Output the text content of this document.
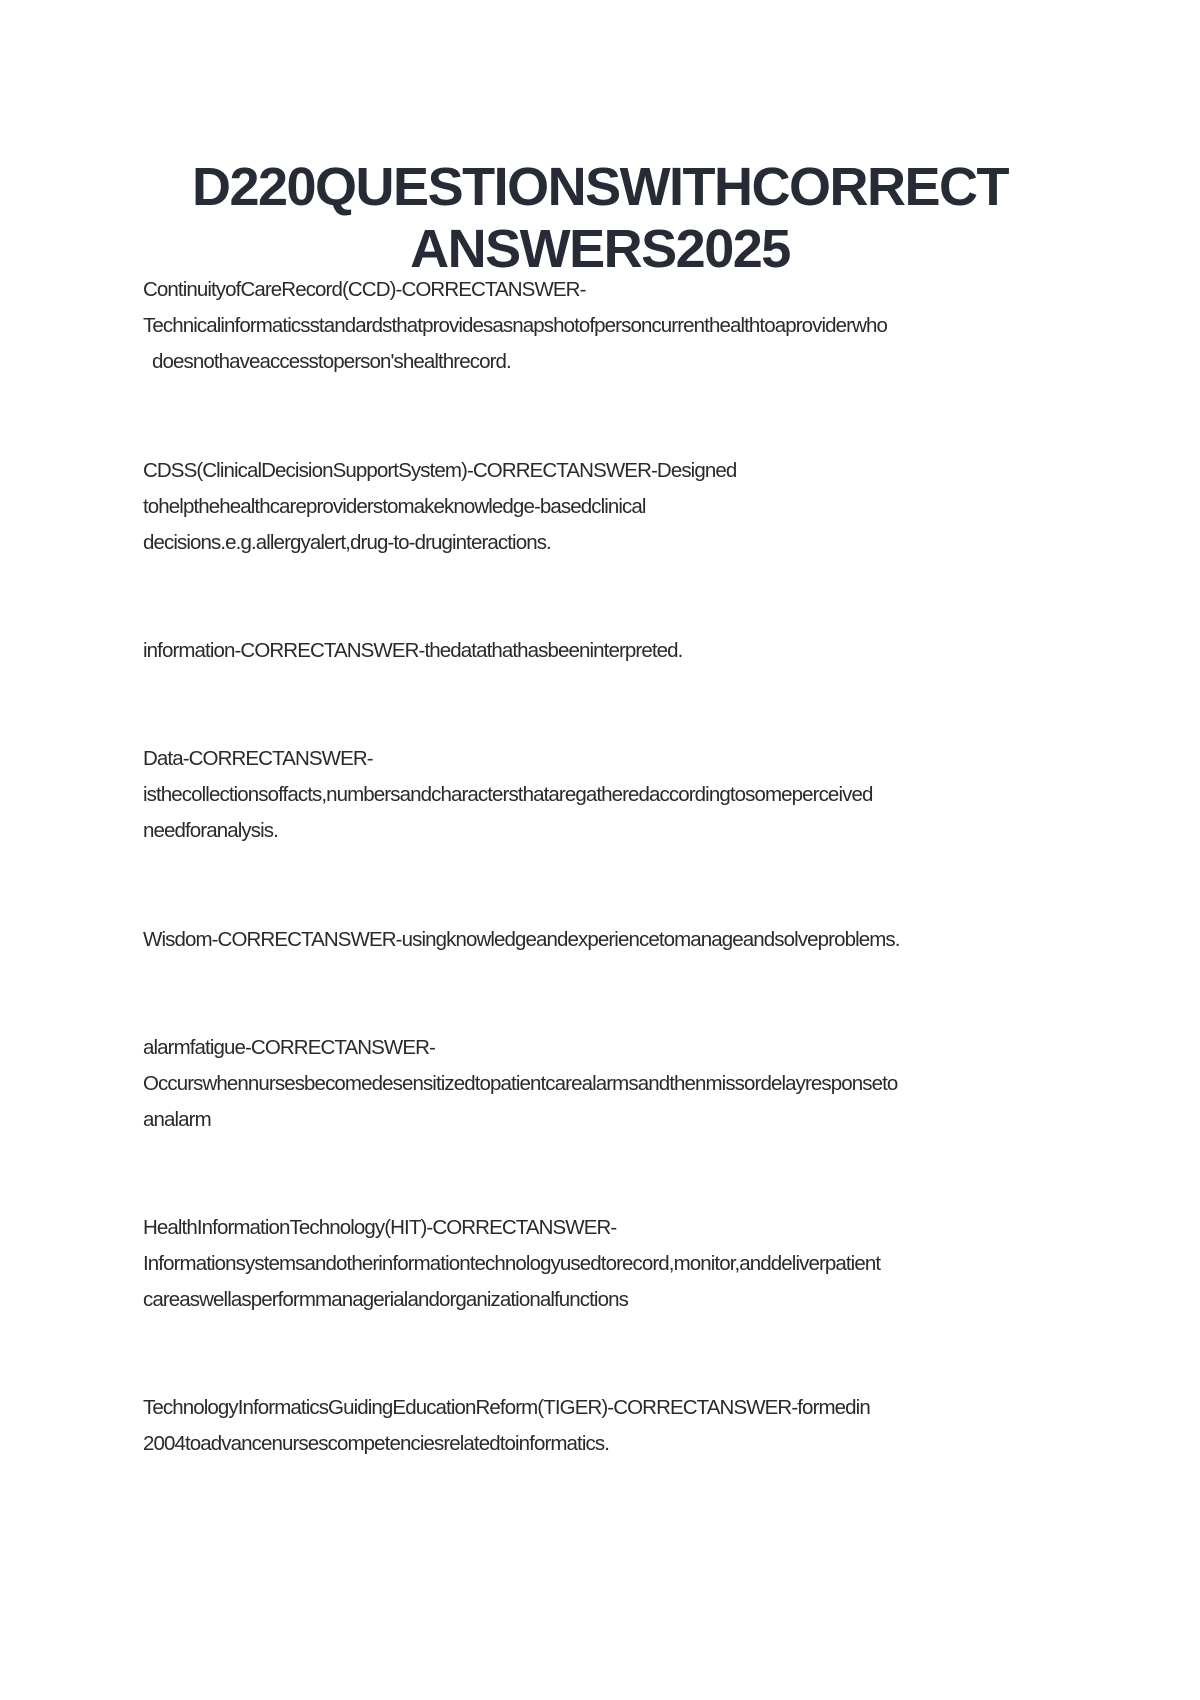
D220QUESTIONSWITHCORRECT
ANSWERS2025
ContinuityofCareRecord(CCD)-CORRECTANSWER-
Technicalinformaticsstandardsthatprovidesasnapshotofpersoncurrenthealthtoaproviderwho
doesnothaveaccesstoperson'shealthrecord.
CDSS(ClinicalDecisionSupportSystem)-CORRECTANSWER-Designed
tohelpthehealthcareproviderstomakeknowledge-basedclinical
decisions.e.g.allergyalert,drug-to-druginteractions.
information-CORRECTANSWER-thedatathathasbeeninterpreted.
Data-CORRECTANSWER-
isthecollectionsoffacts,numbersandcharactersthataregatheredaccordingtosomeperceived
needforanalysis.
Wisdom-CORRECTANSWER-usingknowledgeandexperiencetomanageandsolveproblems.
alarmfatigue-CORRECTANSWER-
Occurswhennursesbecomedesensitizedtopatientcarealarmsandthenmissordelayresponseto
analarm
HealthInformationTechnology(HIT)-CORRECTANSWER-
Informationsystemsandotherinformationtechnologyusedtorecord,monitor,anddeliverpatient
careaswellasperformmanagerialandorganizationalfunctions
TechnologyInformaticsGuidingEducationReform(TIGER)-CORRECTANSWER-formedin
2004toadvancenursescompetenciesrelatedtoinformatics.
